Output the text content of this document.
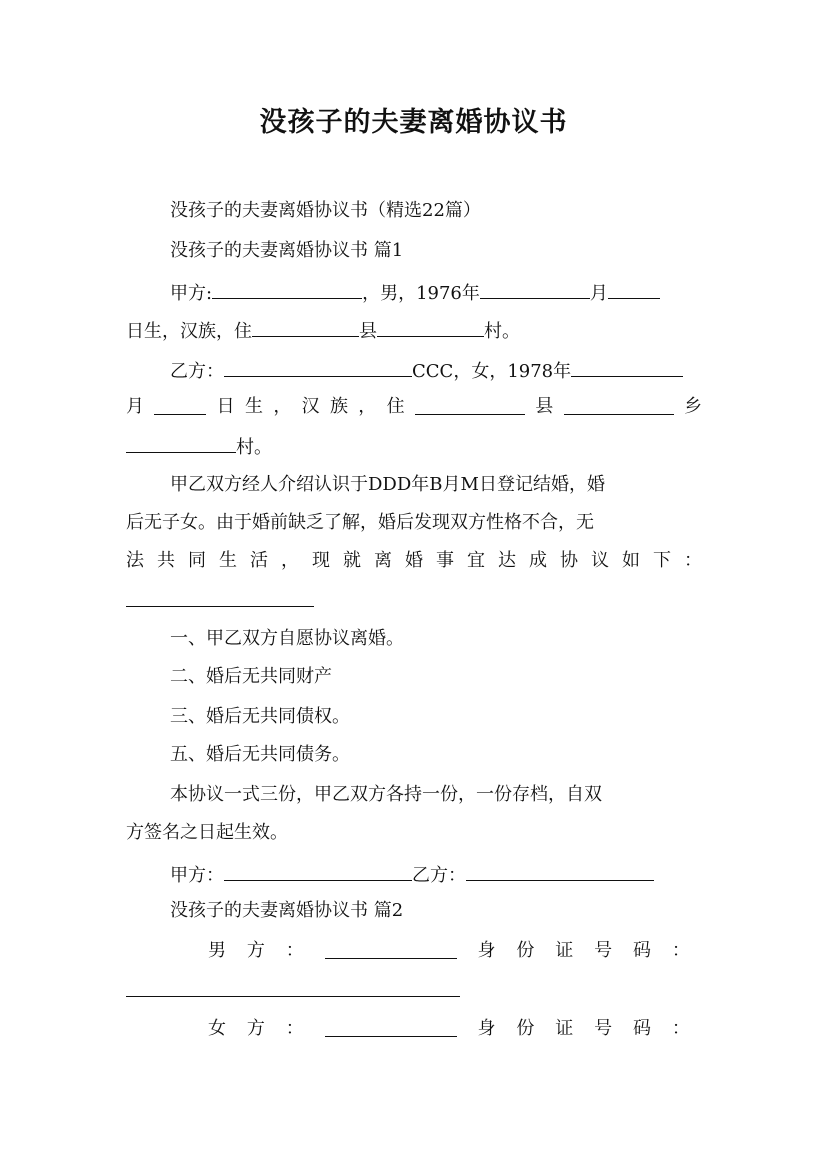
没孩子的夫妻离婚协议书
没孩子的夫妻离婚协议书（精选22篇）
没孩子的夫妻离婚协议书 篇1
甲方:	，男，1976年	月
日生，汉族，住	县	村。
乙方：	CCC，女，1978年
月	日 生 ， 汉 族 ， 住	县	乡
村。
甲乙双方经人介绍认识于DDD年B月M日登记结婚，婚
后无子女。由于婚前缺乏了解，婚后发现双方性格不合，无
法 共 同 生 活 ， 现 就 离 婚 事 宜 达 成 协 议 如 下 ：
一、甲乙双方自愿协议离婚。
二、婚后无共同财产
三、婚后无共同债权。
五、婚后无共同债务。
本协议一式三份，甲乙双方各持一份，一份存档，自双
方签名之日起生效。
甲方：	乙方：
没孩子的夫妻离婚协议书 篇2
男 方 ：	身 份 证 号 码 ：
女 方 ：	身 份 证 号 码 ：
